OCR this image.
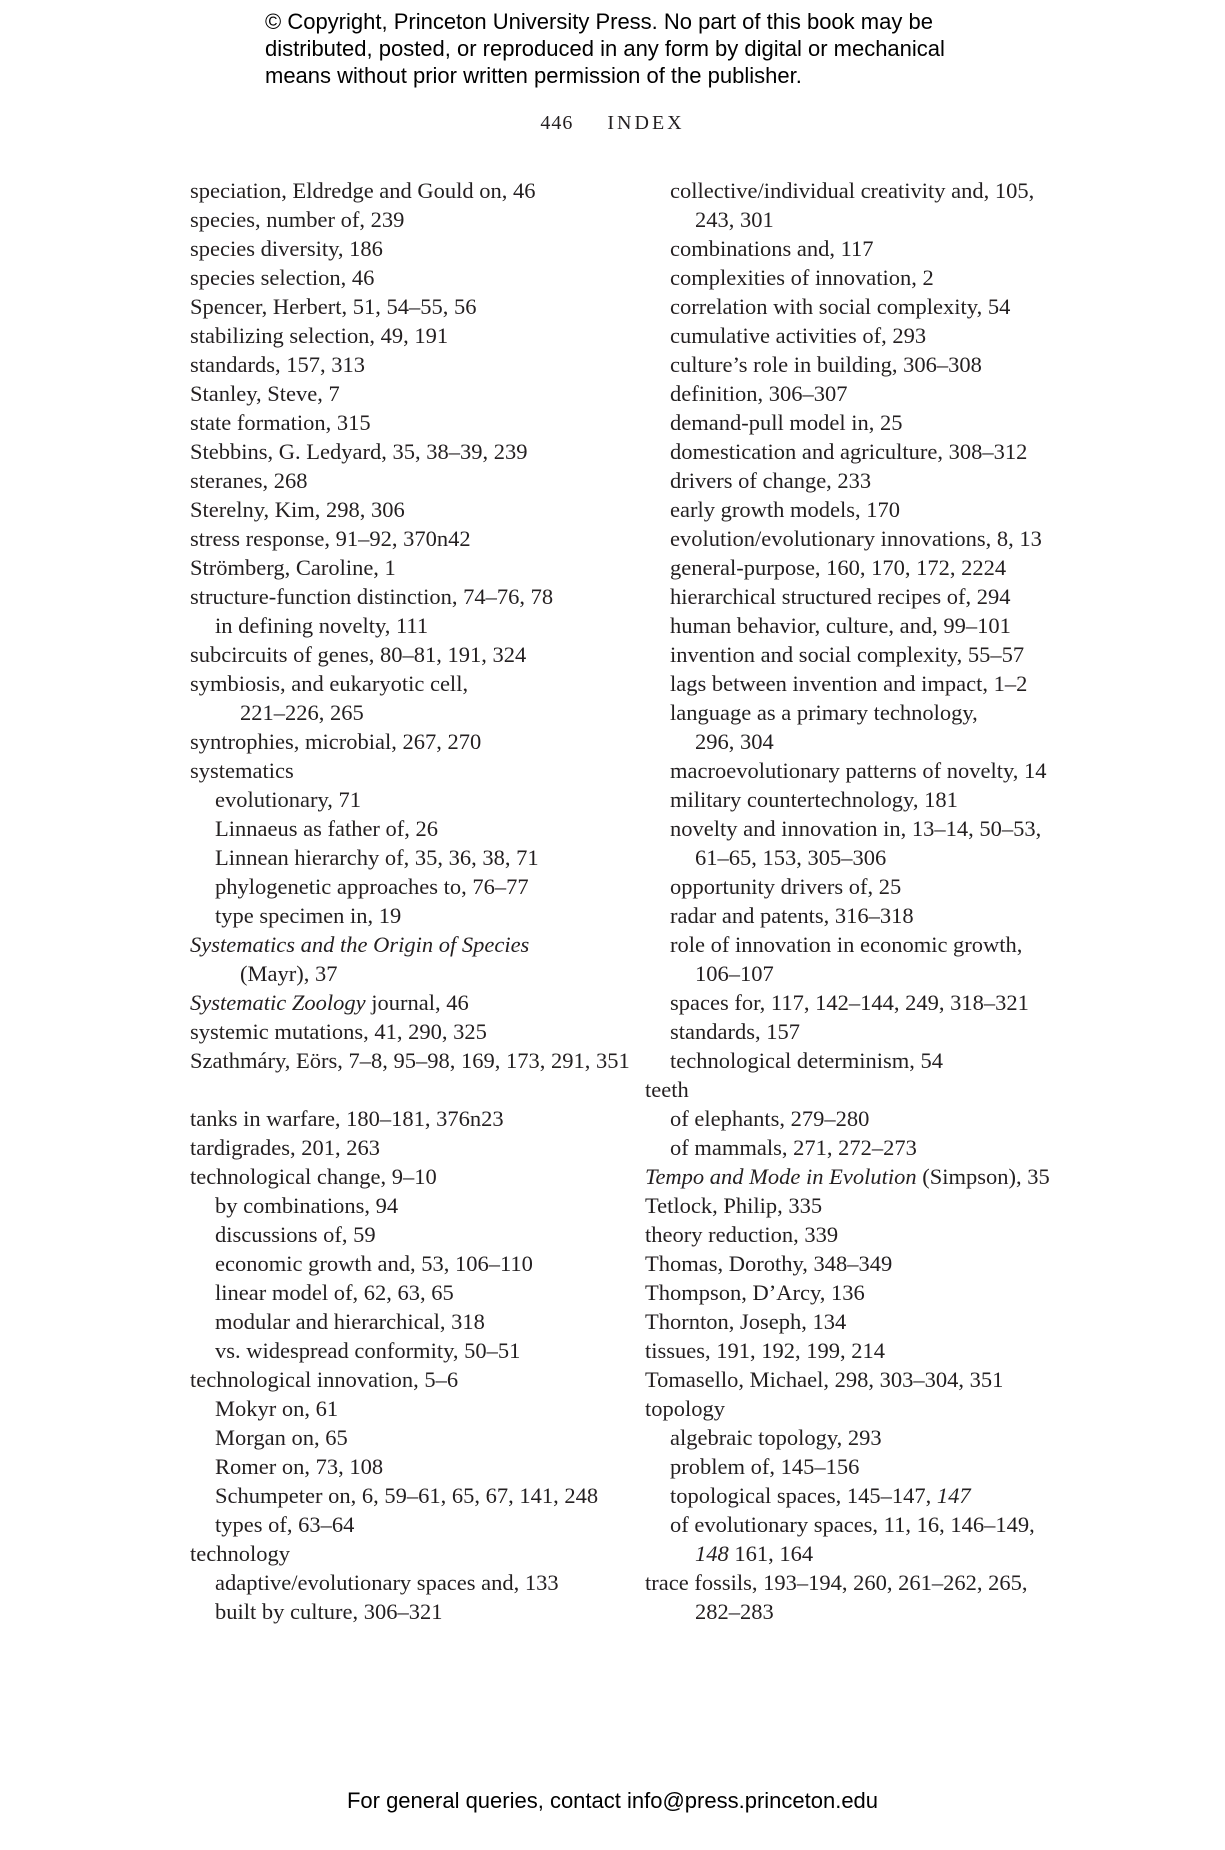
© Copyright, Princeton University Press. No part of this book may be
distributed, posted, or reproduced in any form by digital or mechanical
means without prior written permission of the publisher.
446 INDEX
speciation, Eldredge and Gould on, 46
species, number of, 239
species diversity, 186
species selection, 46
Spencer, Herbert, 51, 54–55, 56
stabilizing selection, 49, 191
standards, 157, 313
Stanley, Steve, 7
state formation, 315
Stebbins, G. Ledyard, 35, 38–39, 239
steranes, 268
Sterelny, Kim, 298, 306
stress response, 91–92, 370n42
Strömberg, Caroline, 1
structure-function distinction, 74–76, 78
in defining novelty, 111
subcircuits of genes, 80–81, 191, 324
symbiosis, and eukaryotic cell,
221–226, 265
syntrophies, microbial, 267, 270
systematics
evolutionary, 71
Linnaeus as father of, 26
Linnean hierarchy of, 35, 36, 38, 71
phylogenetic approaches to, 76–77
type specimen in, 19
Systematics and the Origin of Species
(Mayr), 37
Systematic Zoology journal, 46
systemic mutations, 41, 290, 325
Szathmáry, Eörs, 7–8, 95–98, 169, 173, 291, 351
tanks in warfare, 180–181, 376n23
tardigrades, 201, 263
technological change, 9–10
by combinations, 94
discussions of, 59
economic growth and, 53, 106–110
linear model of, 62, 63, 65
modular and hierarchical, 318
vs. widespread conformity, 50–51
technological innovation, 5–6
Mokyr on, 61
Morgan on, 65
Romer on, 73, 108
Schumpeter on, 6, 59–61, 65, 67, 141, 248
types of, 63–64
technology
adaptive/evolutionary spaces and, 133
built by culture, 306–321
collective/individual creativity and, 105,
243, 301
combinations and, 117
complexities of innovation, 2
correlation with social complexity, 54
cumulative activities of, 293
culture’s role in building, 306–308
definition, 306–307
demand-pull model in, 25
domestication and agriculture, 308–312
drivers of change, 233
early growth models, 170
evolution/evolutionary innovations, 8, 13
general-purpose, 160, 170, 172, 2224
hierarchical structured recipes of, 294
human behavior, culture, and, 99–101
invention and social complexity, 55–57
lags between invention and impact, 1–2
language as a primary technology,
296, 304
macroevolutionary patterns of novelty, 14
military countertechnology, 181
novelty and innovation in, 13–14, 50–53,
61–65, 153, 305–306
opportunity drivers of, 25
radar and patents, 316–318
role of innovation in economic growth,
106–107
spaces for, 117, 142–144, 249, 318–321
standards, 157
technological determinism, 54
teeth
of elephants, 279–280
of mammals, 271, 272–273
Tempo and Mode in Evolution (Simpson), 35
Tetlock, Philip, 335
theory reduction, 339
Thomas, Dorothy, 348–349
Thompson, D’Arcy, 136
Thornton, Joseph, 134
tissues, 191, 192, 199, 214
Tomasello, Michael, 298, 303–304, 351
topology
algebraic topology, 293
problem of, 145–156
topological spaces, 145–147, 147
of evolutionary spaces, 11, 16, 146–149,
148 161, 164
trace fossils, 193–194, 260, 261–262, 265,
282–283
For general queries, contact info@press.princeton.edu
